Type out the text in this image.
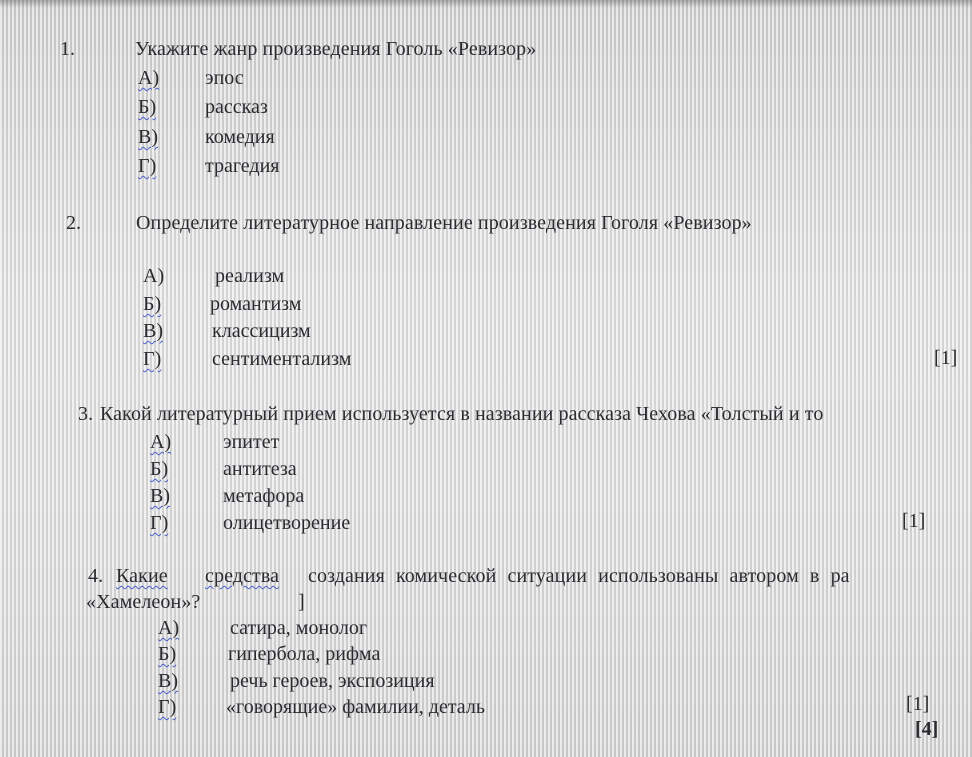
1.	Укажите жанр произведения Гоголь «Ревизор»
А) эпос
Б) рассказ
В) комедия
Г) трагедия
2.	Определите литературное направление произведения Гоголя «Ревизор»
А)	реализм
Б) романтизм
В) классицизм
Г)	сентиментализм	[1]
3. Какой литературный прием используется в названии рассказа Чехова «Толстый и то
А)	эпитет
Б)	антитеза
В)	метафора
Г)	олицетворение	[1]
4. Какие средства создания комической ситуации использованы автором в ра
«Хамелеон»?	]
А)	сатира, монолог
Б)	гипербола, рифма
В)	речь героев, экспозиция
Г) «говорящие» фамилии, деталь	[1]
[4]
